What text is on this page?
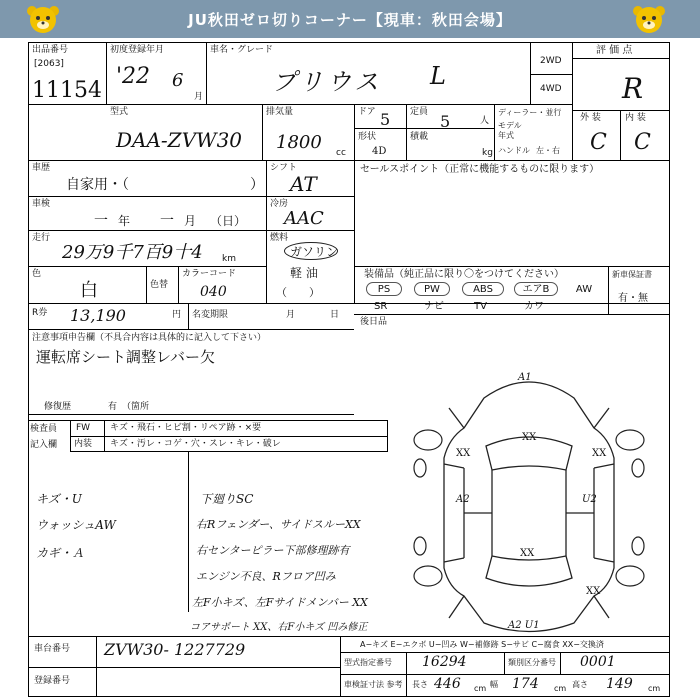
JU秋田ゼロ切りコーナー【現車：秋田会場】
出品番号
[2063]
11154
初度登録年月
'22 6
月
車名・グレード
プリウス L
2WD
4WD
評 価 点
R
外 装	内 装
C C
型式
DAA-ZVW30
排気量
1800 cc
ドア 5
形状
4D
定員 5	人
積載
kg
ディーラー・並行
モデル
年式
ハンドル 左・右
車歴
自家用・（	）
シフト
AT
車検
一 年 一 月 （日）
冷房
AAC
走行
29万9千7百9十4 km
燃料
ガソリン
軽 油
（　　）
色
白	色替
カラーコード
040
セールスポイント（正常に機能するものに限ります）
装備品（純正品に限り〇をつけてください）	新車保証書
PS	PW	ABS	エアB	AW
SR	ナビ	TV	カワ
有・無
後日品
R券 13,190	円 名変期限	月	日
注意事項申告欄（不具合内容は具体的に記入して下さい）
運転席シート調整レバー欠
修復歴	有 （箇所
検査員
記入欄
FW キズ・飛石・ヒビ割・リペア跡・×要
内装 キズ・汚レ・コゲ・穴・スレ・キレ・破レ
キズ・U
ウォッシュAW
カギ・Ａ
下廻りSC
右Rフェンダー、サイドスルーXX
右センターピラー下部修理跡有
エンジン不良、Rフロア凹み
左F小キズ、左Fサイドメンバー XX
コアサポート XX、右F小キズ 凹み修正
A1
XX
XX	XX
A2	U2
XX
XX
A2 U1
A−キズ E−エクボ U−凹み W−補修跡 S−サビ C−腐食 XX−交換済
車台番号 ZVW30- 1227729
登録番号
型式指定番号 16294	類別区分番号 0001
車検証寸法 参考 長さ 446 cm 幅 174 cm 高さ 149 cm
